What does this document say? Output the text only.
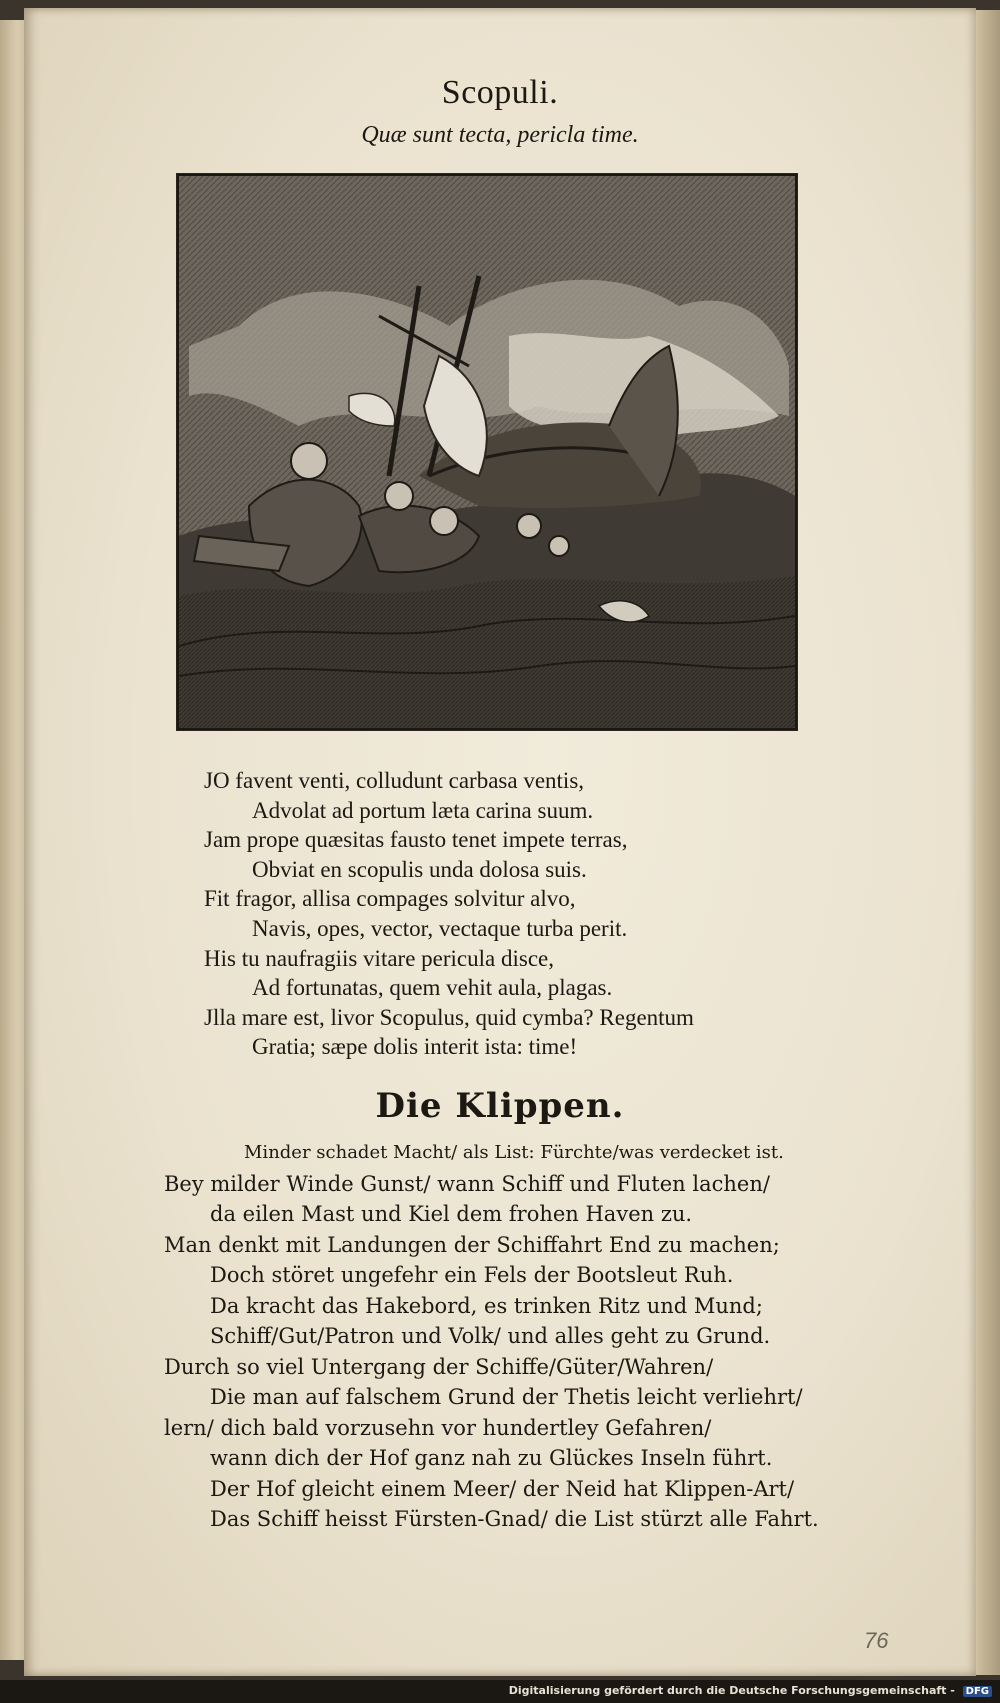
Scopuli.
Quæ sunt tecta, pericla time.
JO favent venti, colludunt carbasa ventis,
Advolat ad portum læta carina suum.
Jam prope quæsitas fausto tenet impete terras,
Obviat en scopulis unda dolosa suis.
Fit fragor, allisa compages solvitur alvo,
Navis, opes, vector, vectaque turba perit.
His tu naufragiis vitare pericula disce,
Ad fortunatas, quem vehit aula, plagas.
Jlla mare est, livor Scopulus, quid cymba? Regentum
Gratia; sæpe dolis interit ista: time!
Die Klippen.
Minder schadet Macht/ als List: Fürchte/was verdecket ist.
Bey milder Winde Gunst/ wann Schiff und Fluten lachen/
da eilen Mast und Kiel dem frohen Haven zu.
Man denkt mit Landungen der Schiffahrt End zu machen;
Doch störet ungefehr ein Fels der Bootsleut Ruh.
Da kracht das Hakebord, es trinken Ritz und Mund;
Schiff/Gut/Patron und Volk/ und alles geht zu Grund.
Durch so viel Untergang der Schiffe/Güter/Wahren/
Die man auf falschem Grund der Thetis leicht verliehrt/
lern/ dich bald vorzusehn vor hundertley Gefahren/
wann dich der Hof ganz nah zu Glückes Inseln führt.
Der Hof gleicht einem Meer/ der Neid hat Klippen-Art/
Das Schiff heisst Fürsten-Gnad/ die List stürzt alle Fahrt.
76
Digitalisierung gefördert durch die Deutsche Forschungsgemeinschaft - DFG
